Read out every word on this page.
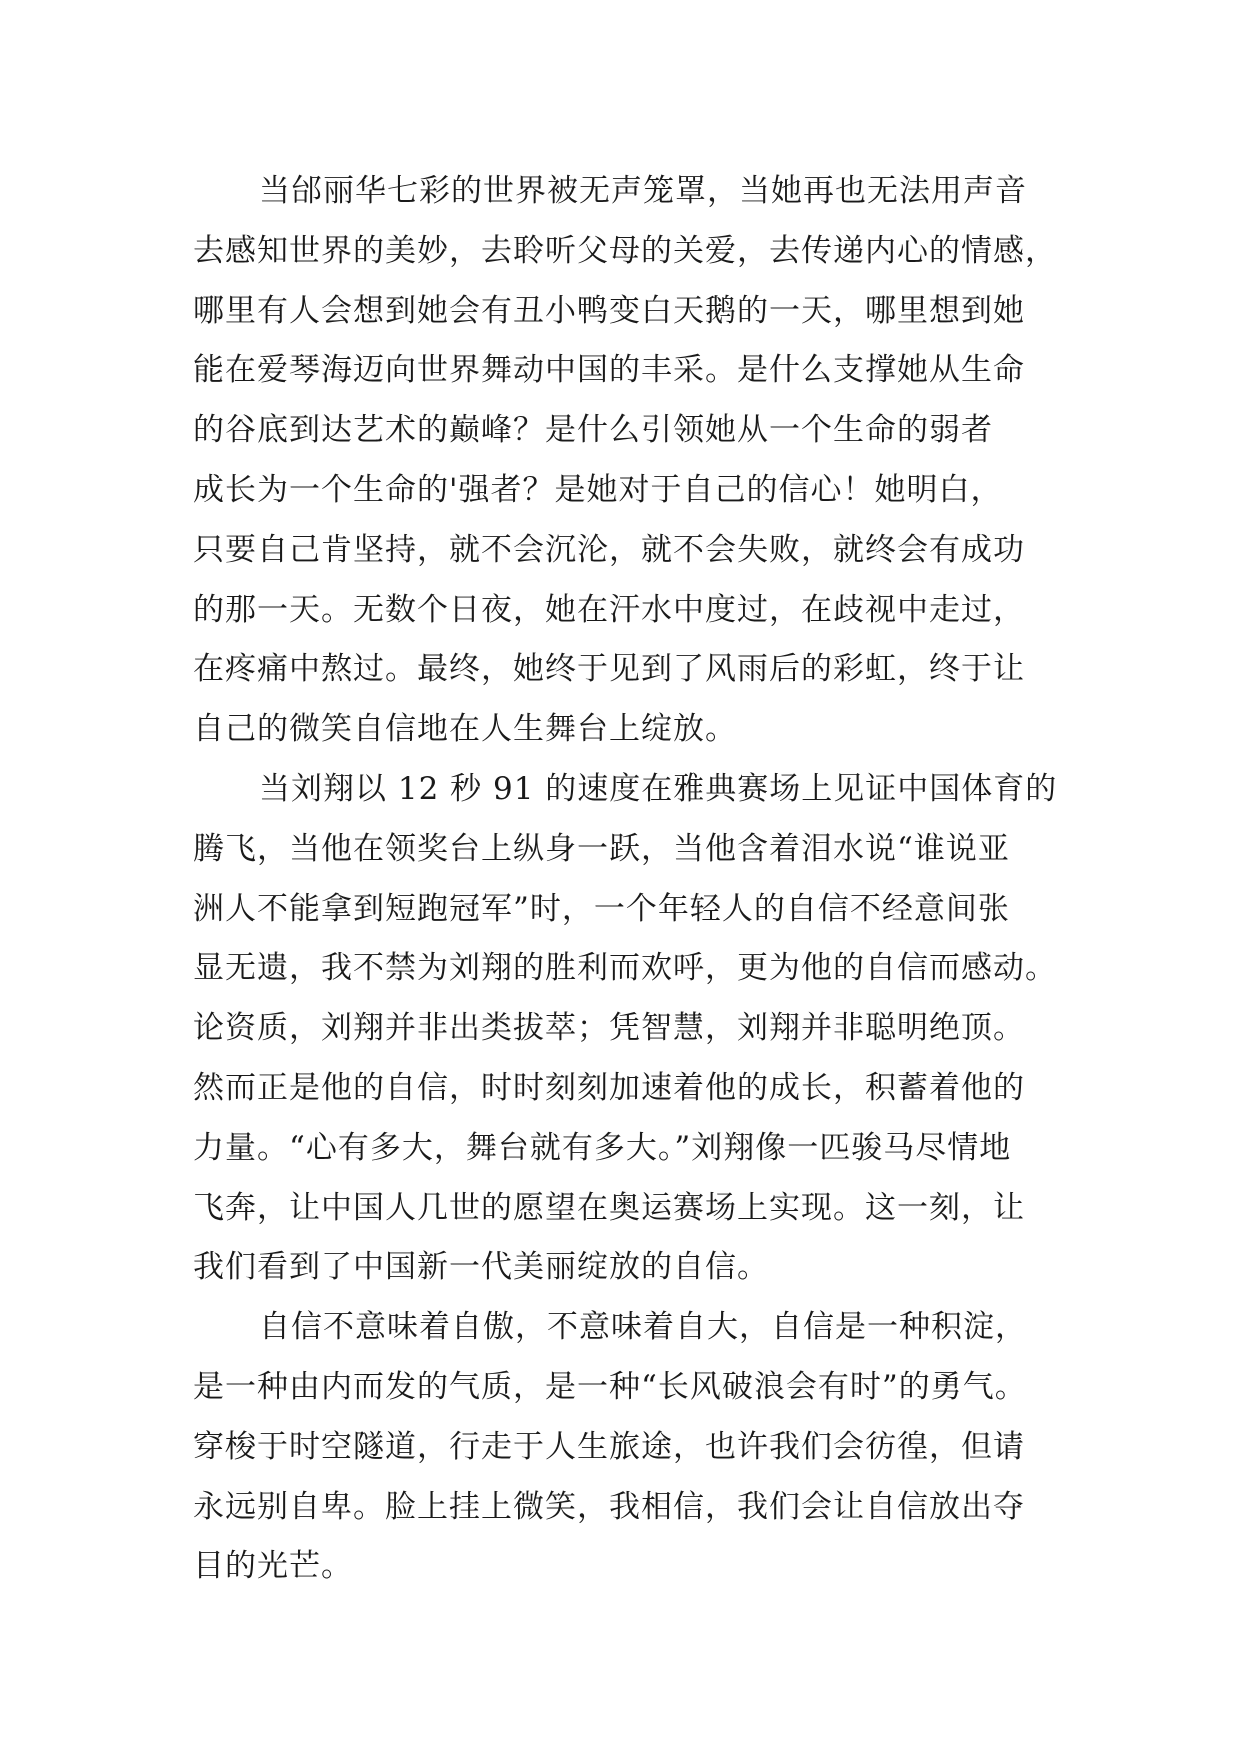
当邰丽华七彩的世界被无声笼罩，当她再也无法用声音
去感知世界的美妙，去聆听父母的关爱，去传递内心的情感，
哪里有人会想到她会有丑小鸭变白天鹅的一天，哪里想到她
能在爱琴海迈向世界舞动中国的丰采。是什么支撑她从生命
的谷底到达艺术的巅峰？是什么引领她从一个生命的弱者
成长为一个生命的'强者？是她对于自己的信心！她明白，
只要自己肯坚持，就不会沉沦，就不会失败，就终会有成功
的那一天。无数个日夜，她在汗水中度过，在歧视中走过，
在疼痛中熬过。最终，她终于见到了风雨后的彩虹，终于让
自己的微笑自信地在人生舞台上绽放。
当刘翔以 12 秒 91 的速度在雅典赛场上见证中国体育的
腾飞，当他在领奖台上纵身一跃，当他含着泪水说“谁说亚
洲人不能拿到短跑冠军”时，一个年轻人的自信不经意间张
显无遗，我不禁为刘翔的胜利而欢呼，更为他的自信而感动。
论资质，刘翔并非出类拔萃；凭智慧，刘翔并非聪明绝顶。
然而正是他的自信，时时刻刻加速着他的成长，积蓄着他的
力量。“心有多大，舞台就有多大。”刘翔像一匹骏马尽情地
飞奔，让中国人几世的愿望在奥运赛场上实现。这一刻，让
我们看到了中国新一代美丽绽放的自信。
自信不意味着自傲，不意味着自大，自信是一种积淀，
是一种由内而发的气质，是一种“长风破浪会有时”的勇气。
穿梭于时空隧道，行走于人生旅途，也许我们会彷徨，但请
永远别自卑。脸上挂上微笑，我相信，我们会让自信放出夺
目的光芒。
